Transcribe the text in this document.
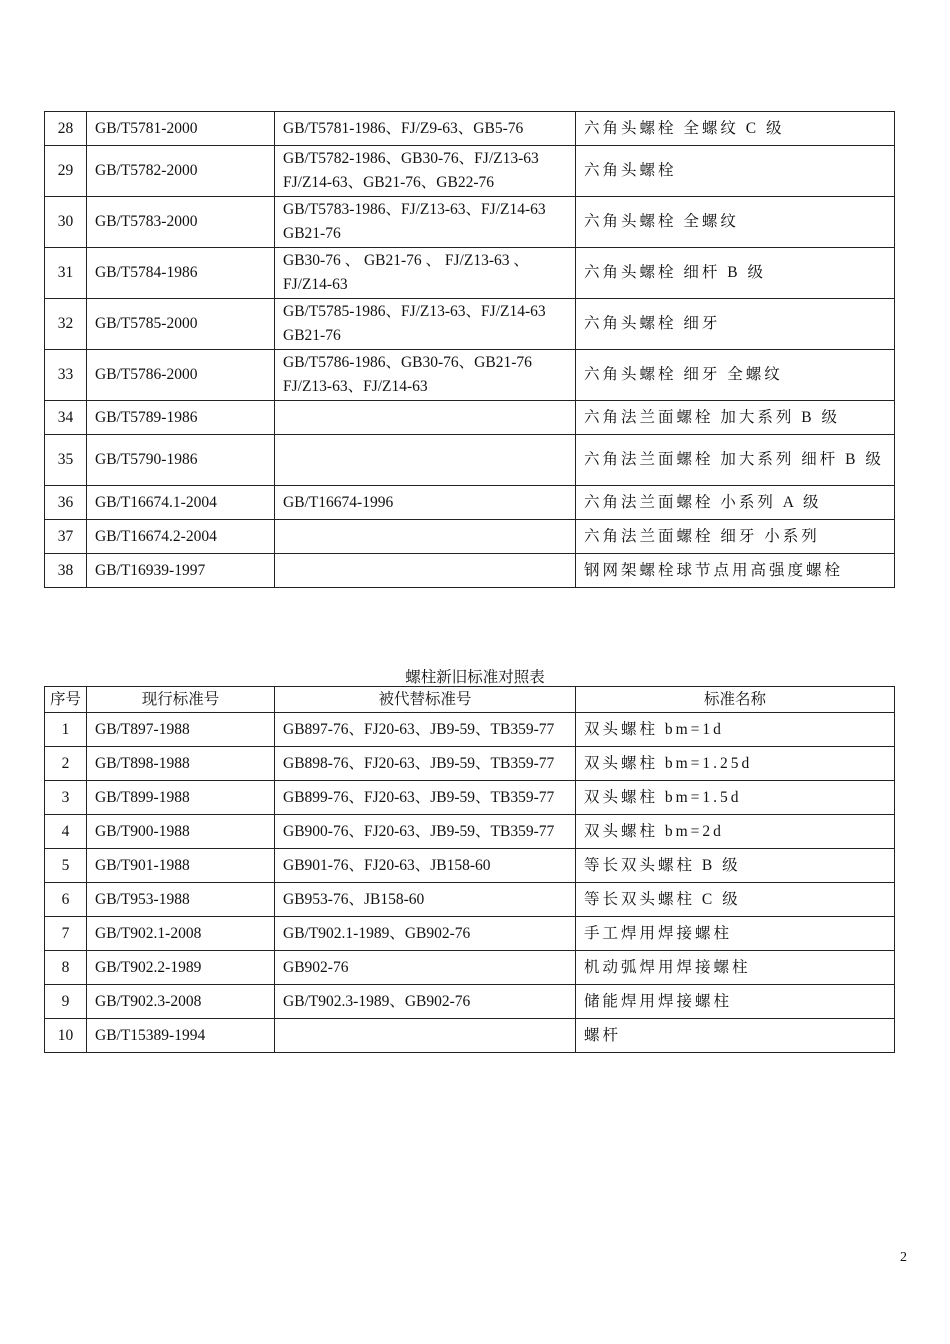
28	GB/T5781-2000	GB/T5781-1986、FJ/Z9-63、GB5-76	六角头螺栓 全螺纹 C 级
29	GB/T5782-2000	GB/T5782-1986、GB30-76、FJ/Z13-63 FJ/Z14-63、GB21-76、GB22-76	六角头螺栓
30	GB/T5783-2000	GB/T5783-1986、FJ/Z13-63、FJ/Z14-63 GB21-76	六角头螺栓 全螺纹
31	GB/T5784-1986	GB30-76 、 GB21-76 、 FJ/Z13-63 、 FJ/Z14-63	六角头螺栓 细杆 B 级
32	GB/T5785-2000	GB/T5785-1986、FJ/Z13-63、FJ/Z14-63 GB21-76	六角头螺栓 细牙
33	GB/T5786-2000	GB/T5786-1986、GB30-76、GB21-76 FJ/Z13-63、FJ/Z14-63	六角头螺栓 细牙 全螺纹
34	GB/T5789-1986		六角法兰面螺栓 加大系列 B 级
35	GB/T5790-1986		六角法兰面螺栓 加大系列 细杆 B 级
36	GB/T16674.1-2004	GB/T16674-1996	六角法兰面螺栓 小系列 A 级
37	GB/T16674.2-2004		六角法兰面螺栓 细牙 小系列
38	GB/T16939-1997		钢网架螺栓球节点用高强度螺栓
螺柱新旧标准对照表
序号	现行标准号	被代替标准号	标准名称
1	GB/T897-1988	GB897-76、FJ20-63、JB9-59、TB359-77	双头螺柱 bm=1d
2	GB/T898-1988	GB898-76、FJ20-63、JB9-59、TB359-77	双头螺柱 bm=1.25d
3	GB/T899-1988	GB899-76、FJ20-63、JB9-59、TB359-77	双头螺柱 bm=1.5d
4	GB/T900-1988	GB900-76、FJ20-63、JB9-59、TB359-77	双头螺柱 bm=2d
5	GB/T901-1988	GB901-76、FJ20-63、JB158-60	等长双头螺柱 B 级
6	GB/T953-1988	GB953-76、JB158-60	等长双头螺柱 C 级
7	GB/T902.1-2008	GB/T902.1-1989、GB902-76	手工焊用焊接螺柱
8	GB/T902.2-1989	GB902-76	机动弧焊用焊接螺柱
9	GB/T902.3-2008	GB/T902.3-1989、GB902-76	储能焊用焊接螺柱
10	GB/T15389-1994		螺杆
2
